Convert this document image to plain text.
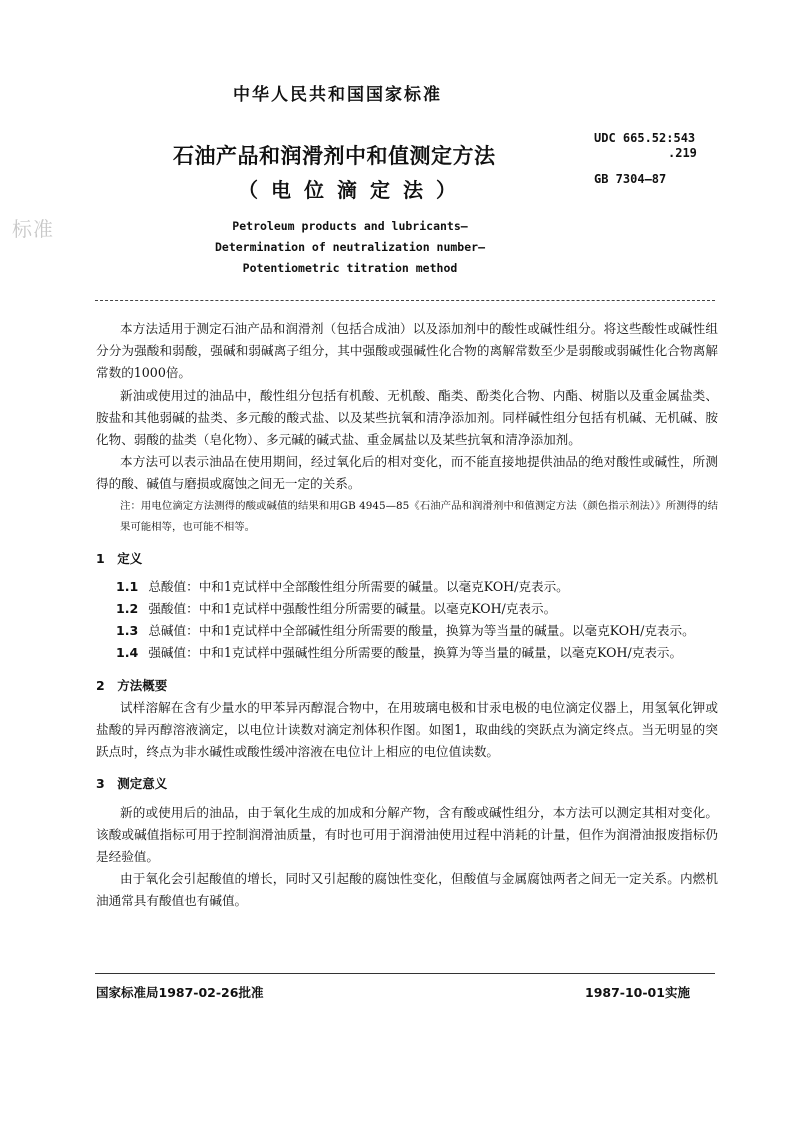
中华人民共和国国家标准
石油产品和润滑剂中和值测定方法
（电位滴定法）
UDC 665.52:543
.219
GB 7304—87
标准	Petroleum products and lubricants—
Determination of neutralization number—
Potentiometric titration method

本方法适用于测定石油产品和润滑剂（包括合成油）以及添加剂中的酸性或碱性组分。将这些酸性或碱性组分分为强酸和弱酸，强碱和弱碱离子组分，其中强酸或强碱性化合物的离解常数至少是弱酸或弱碱性化合物离解常数的1000倍。

新油或使用过的油品中，酸性组分包括有机酸、无机酸、酯类、酚类化合物、内酯、树脂以及重金属盐类、胺盐和其他弱碱的盐类、多元酸的酸式盐、以及某些抗氧和清净添加剂。同样碱性组分包括有机碱、无机碱、胺化物、弱酸的盐类（皂化物）、多元碱的碱式盐、重金属盐以及某些抗氧和清净添加剂。

本方法可以表示油品在使用期间，经过氧化后的相对变化，而不能直接地提供油品的绝对酸性或碱性，所测得的酸、碱值与磨损或腐蚀之间无一定的关系。

注：用电位滴定方法测得的酸或碱值的结果和用GB 4945—85《石油产品和润滑剂中和值测定方法（颜色指示剂法）》所测得的结果可能相等，也可能不相等。

1　定义

1.1 总酸值：中和1克试样中全部酸性组分所需要的碱量。以毫克KOH/克表示。

1.2 强酸值：中和1克试样中强酸性组分所需要的碱量。以毫克KOH/克表示。

1.3 总碱值：中和1克试样中全部碱性组分所需要的酸量，换算为等当量的碱量。以毫克KOH/克表示。

1.4 强碱值：中和1克试样中强碱性组分所需要的酸量，换算为等当量的碱量，以毫克KOH/克表示。

2　方法概要

试样溶解在含有少量水的甲苯异丙醇混合物中，在用玻璃电极和甘汞电极的电位滴定仪器上，用氢氧化钾或盐酸的异丙醇溶液滴定，以电位计读数对滴定剂体积作图。如图1，取曲线的突跃点为滴定终点。当无明显的突跃点时，终点为非水碱性或酸性缓冲溶液在电位计上相应的电位值读数。

3　测定意义

新的或使用后的油品，由于氧化生成的加成和分解产物，含有酸或碱性组分，本方法可以测定其相对变化。该酸或碱值指标可用于控制润滑油质量，有时也可用于润滑油使用过程中消耗的计量，但作为润滑油报废指标仍是经验值。

由于氧化会引起酸值的增长，同时又引起酸的腐蚀性变化，但酸值与金属腐蚀两者之间无一定关系。内燃机油通常具有酸值也有碱值。

国家标准局1987-02-26批准	1987-10-01实施
